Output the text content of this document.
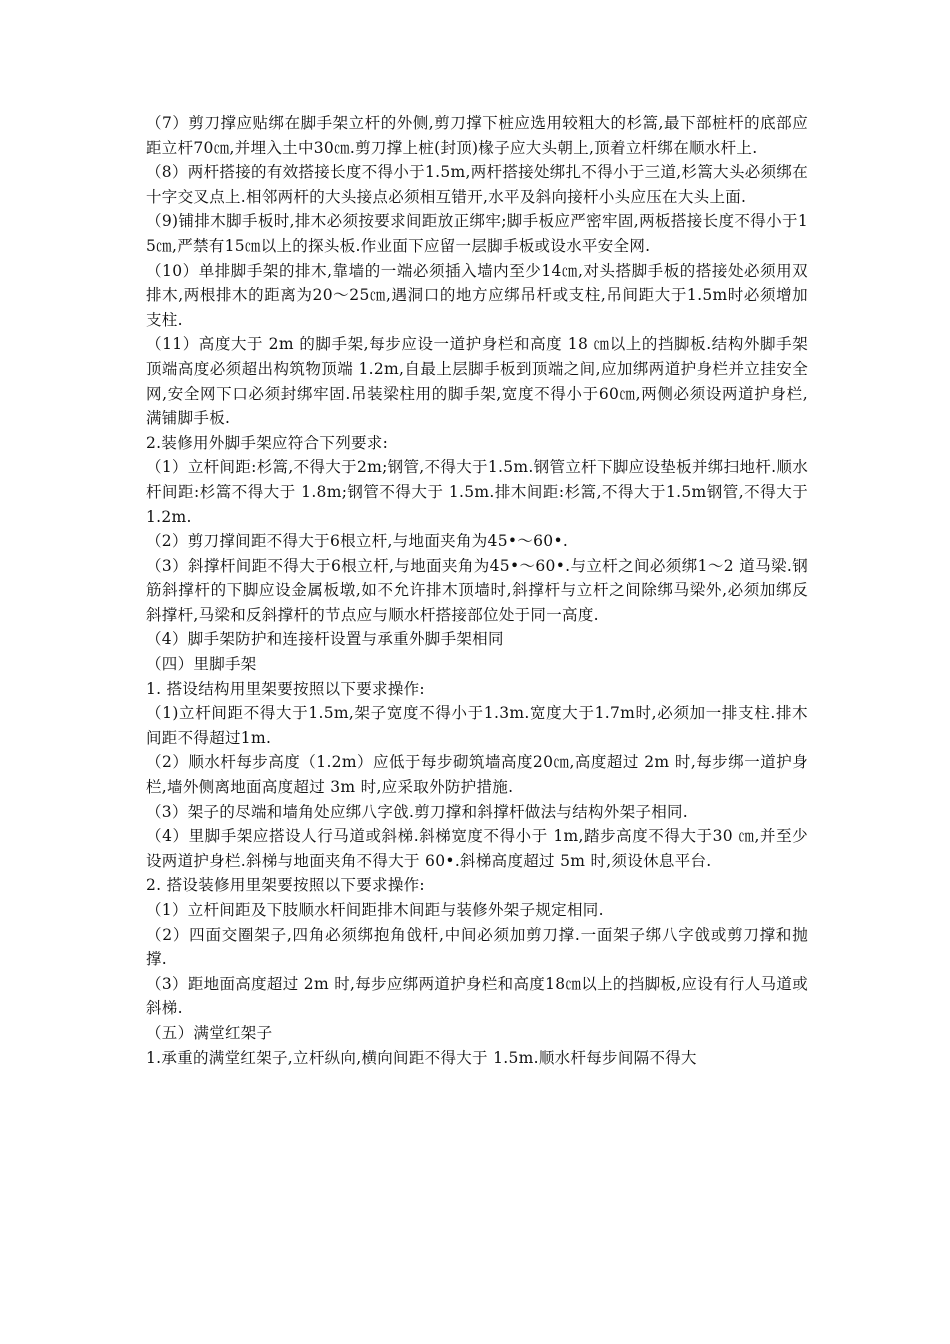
（7）剪刀撑应贴绑在脚手架立杆的外侧,剪刀撑下桩应选用较粗大的杉篙,最下部桩杆的底部应距立杆70㎝,并埋入土中30㎝.剪刀撑上桩(封顶)椽子应大头朝上,顶着立杆绑在顺水杆上.

（8）两杆搭接的有效搭接长度不得小于1.5m,两杆搭接处绑扎不得小于三道,杉篙大头必须绑在十字交叉点上.相邻两杆的大头接点必须相互错开,水平及斜向接杆小头应压在大头上面.

（9)铺排木脚手板时,排木必须按要求间距放正绑牢;脚手板应严密牢固,两板搭接长度不得小于15㎝,严禁有15㎝以上的探头板.作业面下应留一层脚手板或设水平安全网.

（10）单排脚手架的排木,靠墙的一端必须插入墙内至少14㎝,对头搭脚手板的搭接处必须用双排木,两根排木的距离为20～25㎝,遇洞口的地方应绑吊杆或支柱,吊间距大于1.5m时必须增加支柱.

（11）高度大于 2m 的脚手架,每步应设一道护身栏和高度 18 ㎝以上的挡脚板.结构外脚手架顶端高度必须超出构筑物顶端 1.2m,自最上层脚手板到顶端之间,应加绑两道护身栏并立挂安全网,安全网下口必须封绑牢固.吊装梁柱用的脚手架,宽度不得小于60㎝,两侧必须设两道护身栏,满铺脚手板.

2.装修用外脚手架应符合下列要求:

（1）立杆间距:杉篙,不得大于2m;钢管,不得大于1.5m.钢管立杆下脚应设垫板并绑扫地杆.顺水杆间距:杉篙不得大于 1.8m;钢管不得大于 1.5m.排木间距:杉篙,不得大于1.5m钢管,不得大于1.2m.

（2）剪刀撑间距不得大于6根立杆,与地面夹角为45•～60•.

（3）斜撑杆间距不得大于6根立杆,与地面夹角为45•～60•.与立杆之间必须绑1～2 道马梁.钢筋斜撑杆的下脚应设金属板墩,如不允许排木顶墙时,斜撑杆与立杆之间除绑马梁外,必须加绑反斜撑杆,马梁和反斜撑杆的节点应与顺水杆搭接部位处于同一高度.

（4）脚手架防护和连接杆设置与承重外脚手架相同

（四）里脚手架

1. 搭设结构用里架要按照以下要求操作:

（1)立杆间距不得大于1.5m,架子宽度不得小于1.3m.宽度大于1.7m时,必须加一排支柱.排木间距不得超过1m.

（2）顺水杆每步高度（1.2m）应低于每步砌筑墙高度20㎝,高度超过 2m 时,每步绑一道护身栏,墙外侧离地面高度超过 3m 时,应采取外防护措施.

（3）架子的尽端和墙角处应绑八字戗.剪刀撑和斜撑杆做法与结构外架子相同.

（4）里脚手架应搭设人行马道或斜梯.斜梯宽度不得小于 1m,踏步高度不得大于30 ㎝,并至少设两道护身栏.斜梯与地面夹角不得大于 60•.斜梯高度超过 5m 时,须设休息平台.

2. 搭设装修用里架要按照以下要求操作:

（1）立杆间距及下肢顺水杆间距排木间距与装修外架子规定相同.

（2）四面交圈架子,四角必须绑抱角戗杆,中间必须加剪刀撑.一面架子绑八字戗或剪刀撑和抛撑.

（3）距地面高度超过 2m 时,每步应绑两道护身栏和高度18㎝以上的挡脚板,应设有行人马道或斜梯.

（五）满堂红架子

1.承重的满堂红架子,立杆纵向,横向间距不得大于 1.5m.顺水杆每步间隔不得大
